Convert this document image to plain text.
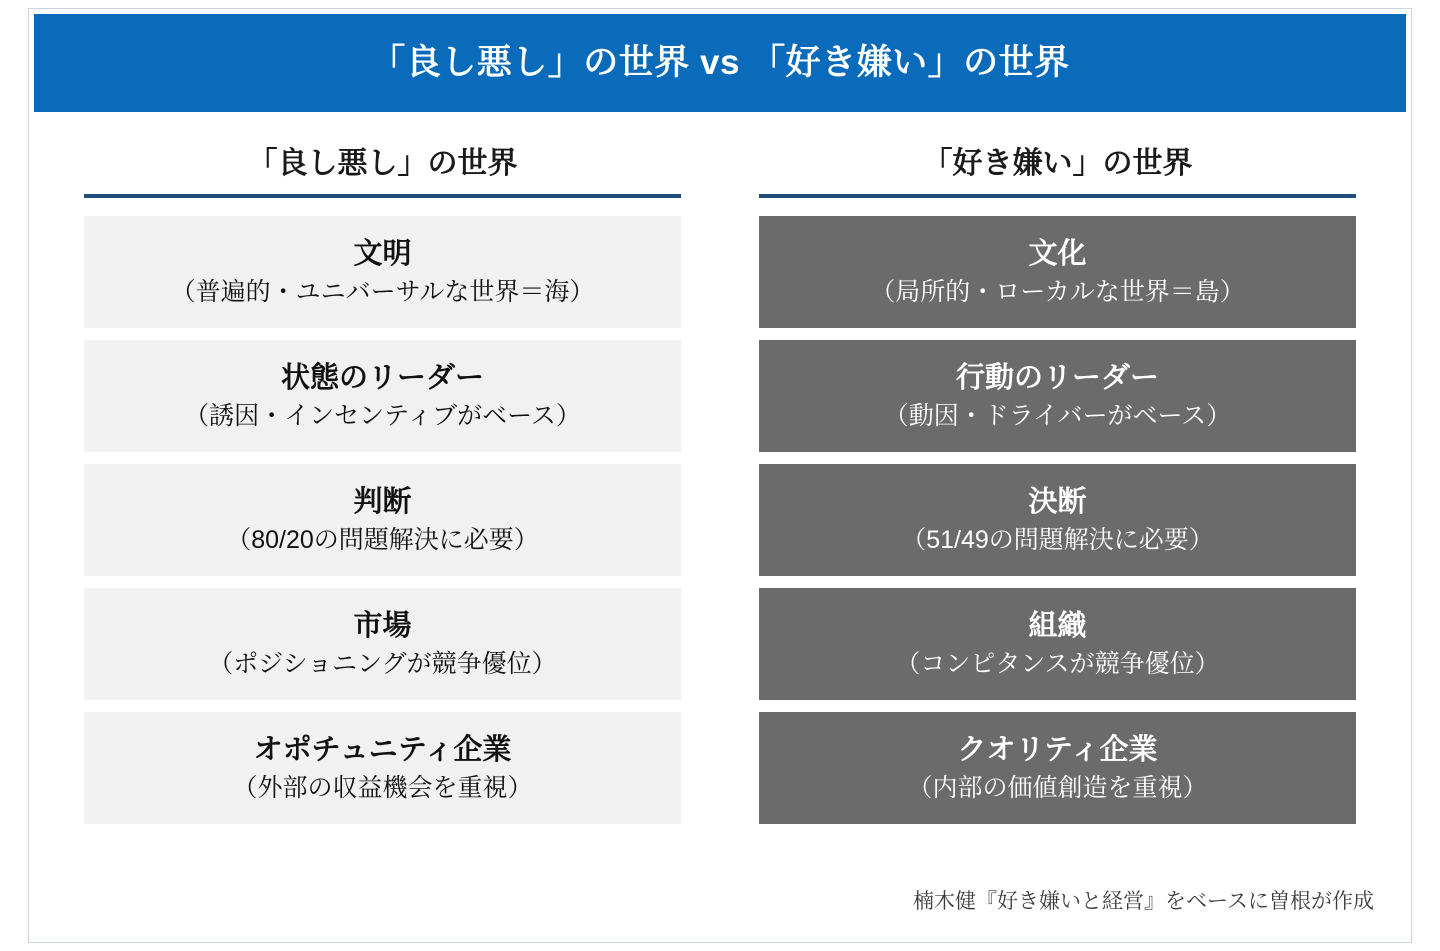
「良し悪し」の世界 vs 「好き嫌い」の世界
「良し悪し」の世界
文明
（普遍的・ユニバーサルな世界＝海）
状態のリーダー
（誘因・インセンティブがベース）
判断
（80/20の問題解決に必要）
市場
（ポジショニングが競争優位）
オポチュニティ企業
（外部の収益機会を重視）
「好き嫌い」の世界
文化
（局所的・ローカルな世界＝島）
行動のリーダー
（動因・ドライバーがベース）
決断
（51/49の問題解決に必要）
組織
（コンピタンスが競争優位）
クオリティ企業
（内部の価値創造を重視）
楠木健『好き嫌いと経営』をベースに曽根が作成
